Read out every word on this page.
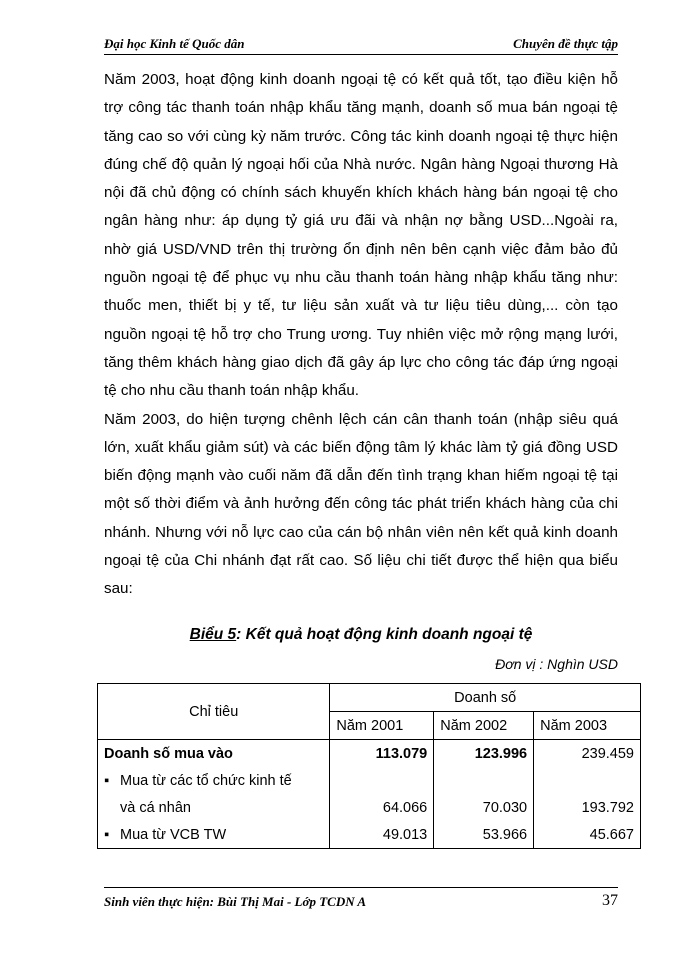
Đại học Kinh tế Quốc dân	Chuyên đề thực tập

Năm 2003, hoạt động kinh doanh ngoại tệ có kết quả tốt, tạo điều kiện hỗ trợ công tác thanh toán nhập khẩu tăng mạnh, doanh số mua bán ngoại tệ tăng cao so với cùng kỳ năm trước. Công tác kinh doanh ngoại tệ thực hiện đúng chế độ quản lý ngoại hối của Nhà nước. Ngân hàng Ngoại thương Hà nội đã chủ động có chính sách khuyến khích khách hàng bán ngoại tệ cho ngân hàng như: áp dụng tỷ giá ưu đãi và nhận nợ bằng USD...Ngoài ra, nhờ giá USD/VND trên thị trường ổn định nên bên cạnh việc đảm bảo đủ nguồn ngoại tệ để phục vụ nhu cầu thanh toán hàng nhập khẩu tăng như: thuốc men, thiết bị y tế, tư liệu sản xuất và tư liệu tiêu dùng,... còn tạo nguồn ngoại tệ hỗ trợ cho Trung ương. Tuy nhiên việc mở rộng mạng lưới, tăng thêm khách hàng giao dịch đã gây áp lực cho công tác đáp ứng ngoại tệ cho nhu cầu thanh toán nhập khẩu.

Năm 2003, do hiện tượng chênh lệch cán cân thanh toán (nhập siêu quá lớn, xuất khẩu giảm sút) và các biến động tâm lý khác làm tỷ giá đồng USD biến động mạnh vào cuối năm đã dẫn đến tình trạng khan hiếm ngoại tệ tại một số thời điểm và ảnh hưởng đến công tác phát triển khách hàng của chi nhánh. Nhưng với nỗ lực cao của cán bộ nhân viên nên kết quả kinh doanh ngoại tệ của Chi nhánh đạt rất cao. Số liệu chi tiết được thể hiện qua biểu sau:

Biểu 5: Kết quả hoạt động kinh doanh ngoại tệ
Đơn vị : Nghìn USD
Chỉ tiêu	Doanh số		
	Năm 2001	Năm 2002	Năm 2003
Doanh số mua vào	113.079	123.996	239.459
▪ Mua từ các tổ chức kinh tế			
và cá nhân	64.066	70.030	193.792
▪ Mua từ VCB TW	49.013	53.966	45.667
Sinh viên thực hiện: Bùi Thị Mai - Lớp TCDN A	37
